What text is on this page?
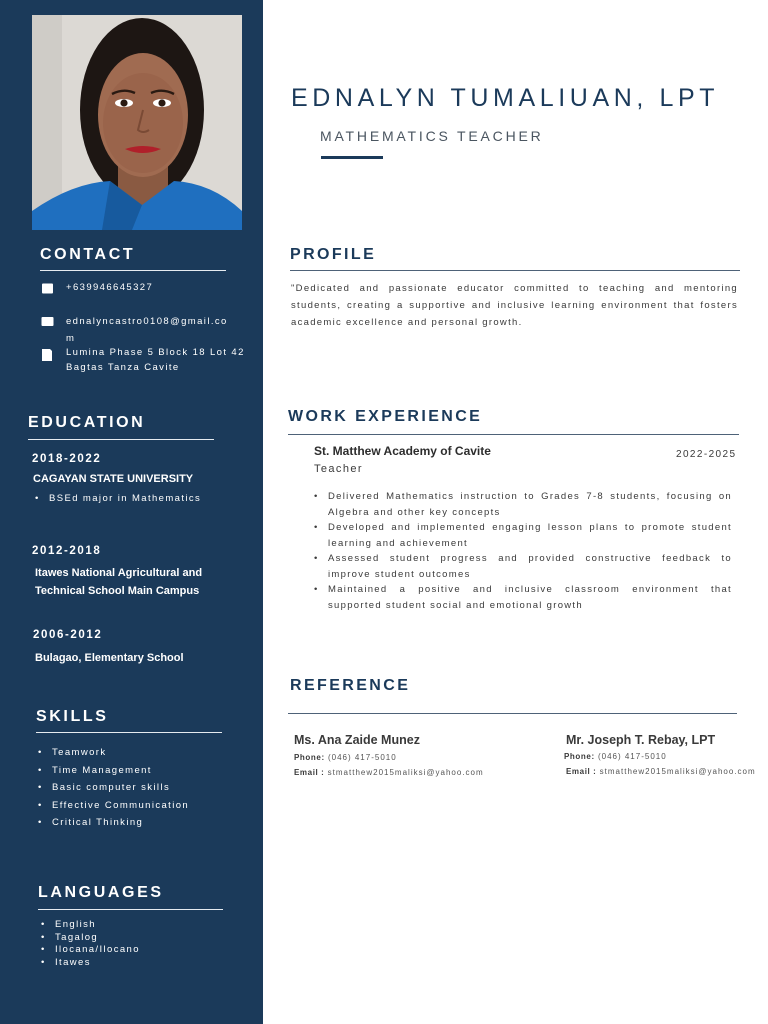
CONTACT
+639946645327
ednalyncastro0108@gmail.co
m
Lumina Phase 5 Block 18 Lot 42
Bagtas Tanza Cavite
EDUCATION
2018-2022
CAGAYAN STATE UNIVERSITY
• BSEd major in Mathematics
2012-2018
Itawes National Agricultural and
Technical School Main Campus
2006-2012
Bulagao, Elementary School
SKILLS
• Teamwork
• Time Management
• Basic computer skills
• Effective Communication
• Critical Thinking
LANGUAGES
• English
• Tagalog
• Ilocana/Ilocano
• Itawes
EDNALYN TUMALIUAN, LPT
MATHEMATICS TEACHER
PROFILE
"Dedicated and passionate educator committed to teaching and mentoring students, creating a supportive and inclusive learning environment that fosters academic excellence and personal growth.
WORK EXPERIENCE
St. Matthew Academy of Cavite
Teacher
2022-2025
• Delivered Mathematics instruction to Grades 7-8 students, focusing on Algebra and other key concepts
• Developed and implemented engaging lesson plans to promote student learning and achievement
• Assessed student progress and provided constructive feedback to improve student outcomes
• Maintained a positive and inclusive classroom environment that supported student social and emotional growth
REFERENCE
Ms. Ana Zaide Munez
Phone: (046) 417-5010
Email : stmatthew2015maliksi@yahoo.com
Mr. Joseph T. Rebay, LPT
Phone: (046) 417-5010
Email : stmatthew2015maliksi@yahoo.com
